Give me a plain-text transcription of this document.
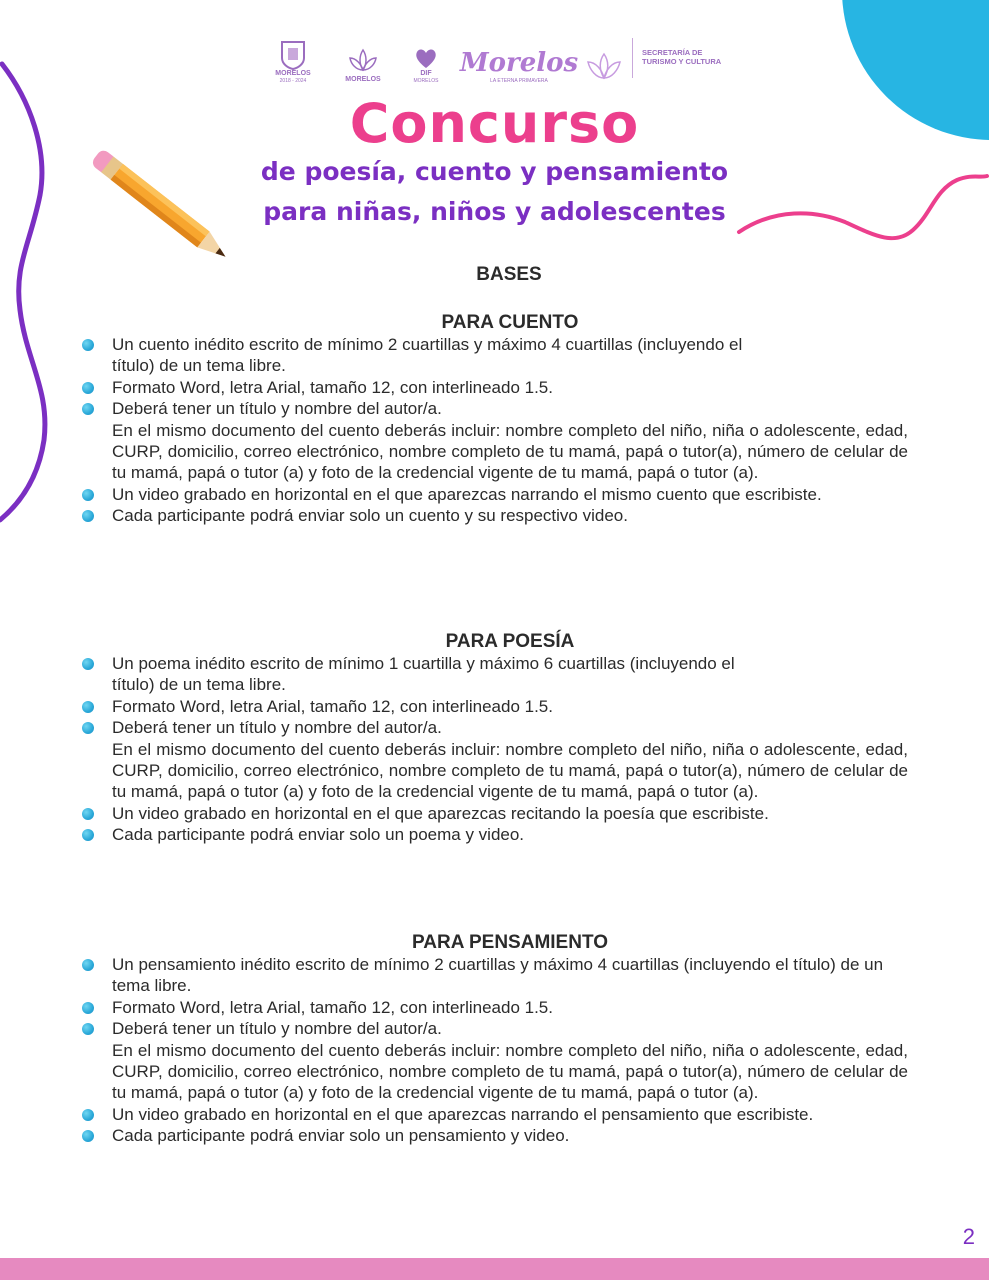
MORELOS
2018 - 2024	MORELOS
DIF
MORELOS
Morelos
LA ETERNA PRIMAVERA
SECRETARÍA DE
TURISMO Y CULTURA
Concurso
de poesía, cuento y pensamiento
para niñas, niños y adolescentes
BASES
PARA CUENTO
Un cuento inédito escrito de mínimo 2 cuartillas y máximo 4 cuartillas (incluyendo el título) de un tema libre.
Formato Word, letra Arial, tamaño 12, con interlineado 1.5.
Deberá tener un título y nombre del autor/a.
En el mismo documento del cuento deberás incluir: nombre completo del niño, niña o adolescente, edad, CURP, domicilio, correo electrónico, nombre completo de tu mamá, papá o tutor(a), número de celular de tu mamá, papá o tutor (a) y foto de la credencial vigente de tu mamá, papá o tutor (a).
Un video grabado en horizontal en el que aparezcas narrando el mismo cuento que escribiste.
Cada participante podrá enviar solo un cuento y su respectivo video.
PARA POESÍA
Un poema inédito escrito de mínimo 1 cuartilla y máximo 6 cuartillas (incluyendo el título) de un tema libre.
Formato Word, letra Arial, tamaño 12, con interlineado 1.5.
Deberá tener un título y nombre del autor/a.
En el mismo documento del cuento deberás incluir: nombre completo del niño, niña o adolescente, edad, CURP, domicilio, correo electrónico, nombre completo de tu mamá, papá o tutor(a), número de celular de tu mamá, papá o tutor (a) y foto de la credencial vigente de tu mamá, papá o tutor (a).
Un video grabado en horizontal en el que aparezcas recitando la poesía que escribiste.
Cada participante podrá enviar solo un poema y video.
PARA PENSAMIENTO
Un pensamiento inédito escrito de mínimo 2 cuartillas y máximo 4 cuartillas (incluyendo el título) de un tema libre.
Formato Word, letra Arial, tamaño 12, con interlineado 1.5.
Deberá tener un título y nombre del autor/a.
En el mismo documento del cuento deberás incluir: nombre completo del niño, niña o adolescente, edad, CURP, domicilio, correo electrónico, nombre completo de tu mamá, papá o tutor(a), número de celular de tu mamá, papá o tutor (a) y foto de la credencial vigente de tu mamá, papá o tutor (a).
Un video grabado en horizontal en el que aparezcas narrando el pensamiento que escribiste.
Cada participante podrá enviar solo un pensamiento y video.
2
